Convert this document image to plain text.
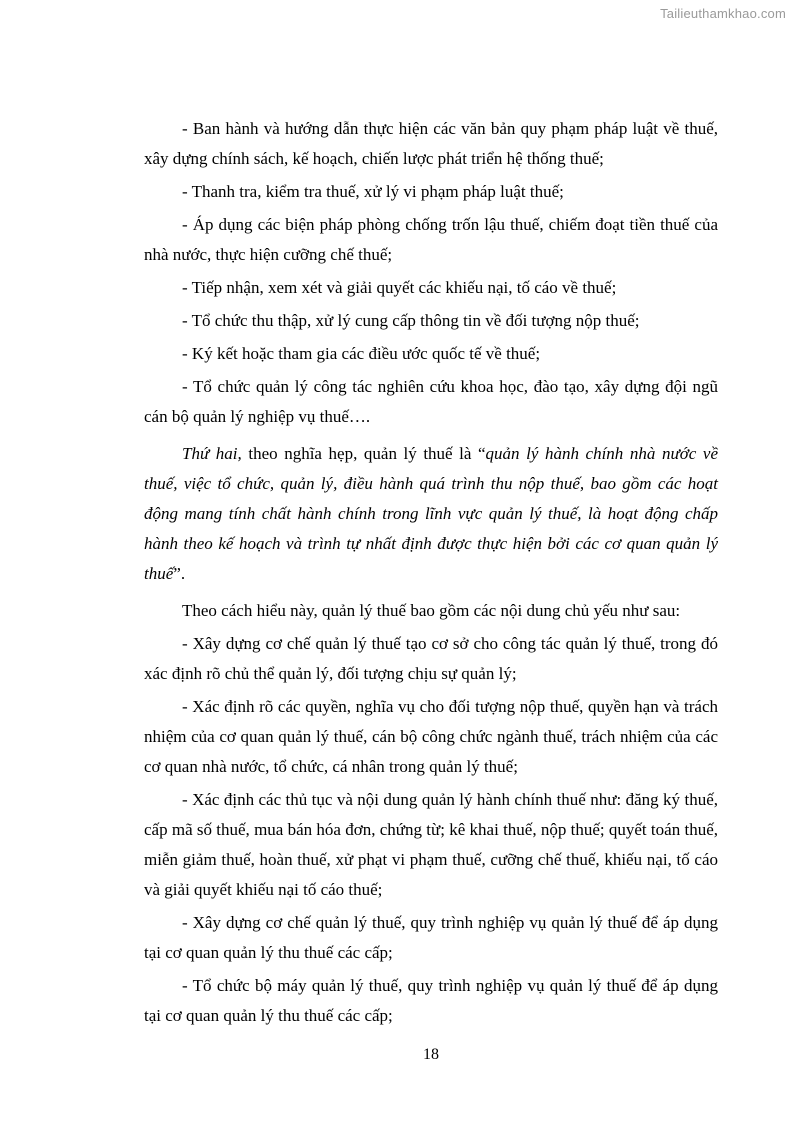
Tailieuthamkhao.com

- Ban hành và hướng dẫn thực hiện các văn bản quy phạm pháp luật về thuế, xây dựng chính sách, kế hoạch, chiến lược phát triển hệ thống thuế;

- Thanh tra, kiểm tra thuế, xử lý vi phạm pháp luật thuế;

- Áp dụng các biện pháp phòng chống trốn lậu thuế, chiếm đoạt tiền thuế của nhà nước, thực hiện cưỡng chế thuế;

- Tiếp nhận, xem xét và giải quyết các khiếu nại, tố cáo về thuế;

- Tổ chức thu thập, xử lý cung cấp thông tin về đối tượng nộp thuế;

- Ký kết hoặc tham gia các điều ước quốc tế về thuế;

- Tổ chức quản lý công tác nghiên cứu khoa học, đào tạo, xây dựng đội ngũ cán bộ quản lý nghiệp vụ thuế….

Thứ hai, theo nghĩa hẹp, quản lý thuế là “quản lý hành chính nhà nước về thuế, việc tổ chức, quản lý, điều hành quá trình thu nộp thuế, bao gồm các hoạt động mang tính chất hành chính trong lĩnh vực quản lý thuế, là hoạt động chấp hành theo kế hoạch và trình tự nhất định được thực hiện bởi các cơ quan quản lý thuế”.

Theo cách hiểu này, quản lý thuế bao gồm các nội dung chủ yếu như sau:

- Xây dựng cơ chế quản lý thuế tạo cơ sở cho công tác quản lý thuế, trong đó xác định rõ chủ thể quản lý, đối tượng chịu sự quản lý;

- Xác định rõ các quyền, nghĩa vụ cho đối tượng nộp thuế, quyền hạn và trách nhiệm của cơ quan quản lý thuế, cán bộ công chức ngành thuế, trách nhiệm của các cơ quan nhà nước, tổ chức, cá nhân trong quản lý thuế;

- Xác định các thủ tục và nội dung quản lý hành chính thuế như: đăng ký thuế, cấp mã số thuế, mua bán hóa đơn, chứng từ; kê khai thuế, nộp thuế; quyết toán thuế, miễn giảm thuế, hoàn thuế, xử phạt vi phạm thuế, cưỡng chế thuế, khiếu nại, tố cáo và giải quyết khiếu nại tố cáo thuế;

- Xây dựng cơ chế quản lý thuế, quy trình nghiệp vụ quản lý thuế để áp dụng tại cơ quan quản lý thu thuế các cấp;

- Tổ chức bộ máy quản lý thuế, quy trình nghiệp vụ quản lý thuế để áp dụng tại cơ quan quản lý thu thuế các cấp;

18
